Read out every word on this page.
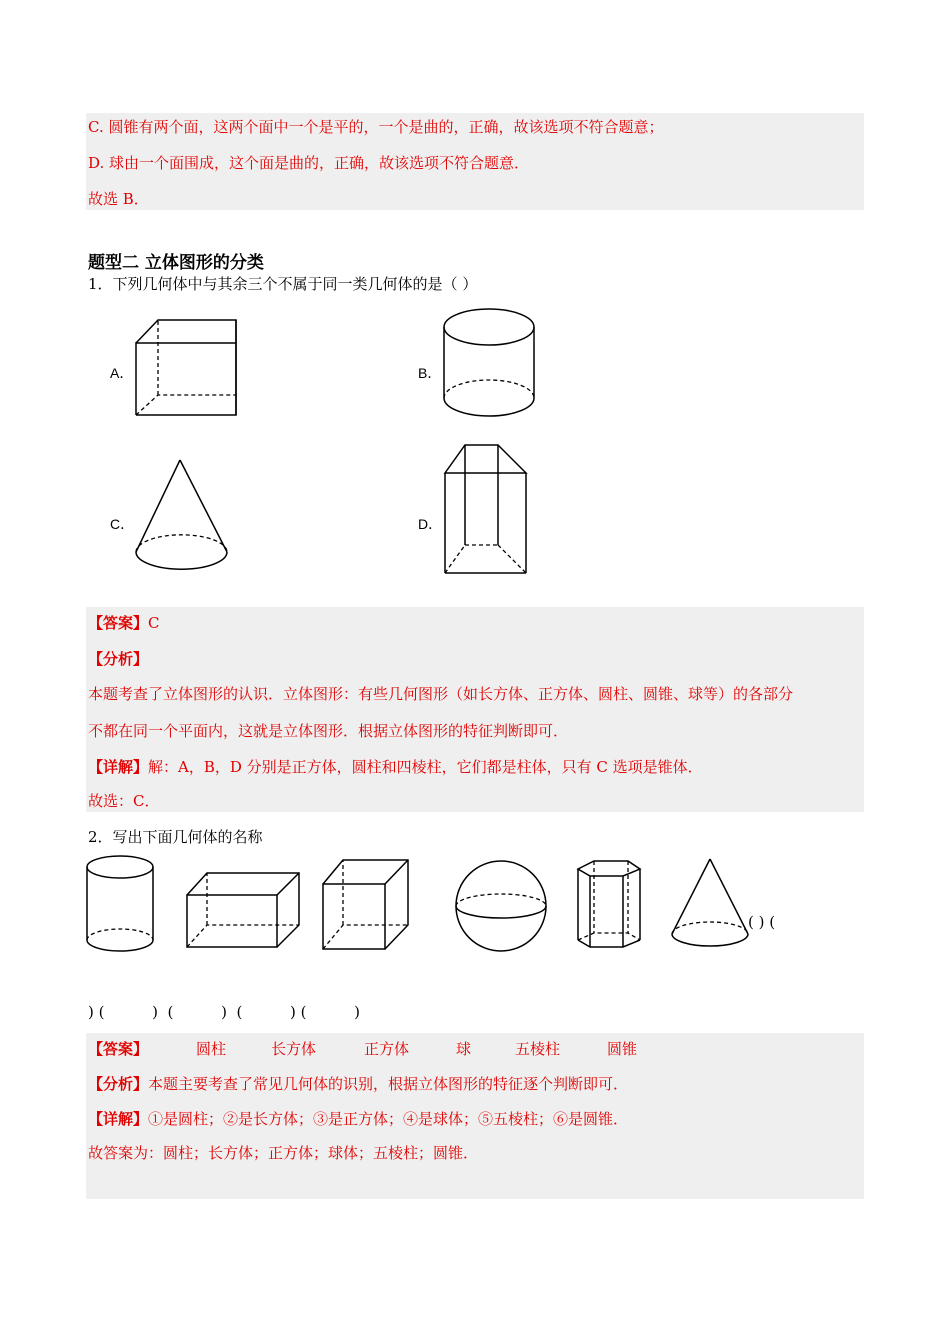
C. 圆锥有两个面，这两个面中一个是平的，一个是曲的，正确，故该选项不符合题意；
D. 球由一个面围成，这个面是曲的，正确，故该选项不符合题意．
故选 B．
题型二 立体图形的分类
1．下列几何体中与其余三个不属于同一类几何体的是（ ）
A．	B．
C．	D．
【答案】C
【分析】
本题考查了立体图形的认识．立体图形：有些几何图形（如长方体、正方体、圆柱、圆锥、球等）的各部分
不都在同一个平面内，这就是立体图形．根据立体图形的特征判断即可．
【详解】解：A，B，D 分别是正方体，圆柱和四棱柱，它们都是柱体，只有 C 选项是锥体．
故选：C．
2．写出下面几何体的名称
( ) (
) (          )  (          )  (          ) (          )
【答案】	圆柱	长方体	正方体	球	五棱柱	圆锥
【分析】本题主要考查了常见几何体的识别，根据立体图形的特征逐个判断即可．
【详解】①是圆柱；②是长方体；③是正方体；④是球体；⑤五棱柱；⑥是圆锥．
故答案为：圆柱；长方体；正方体；球体；五棱柱；圆锥．
